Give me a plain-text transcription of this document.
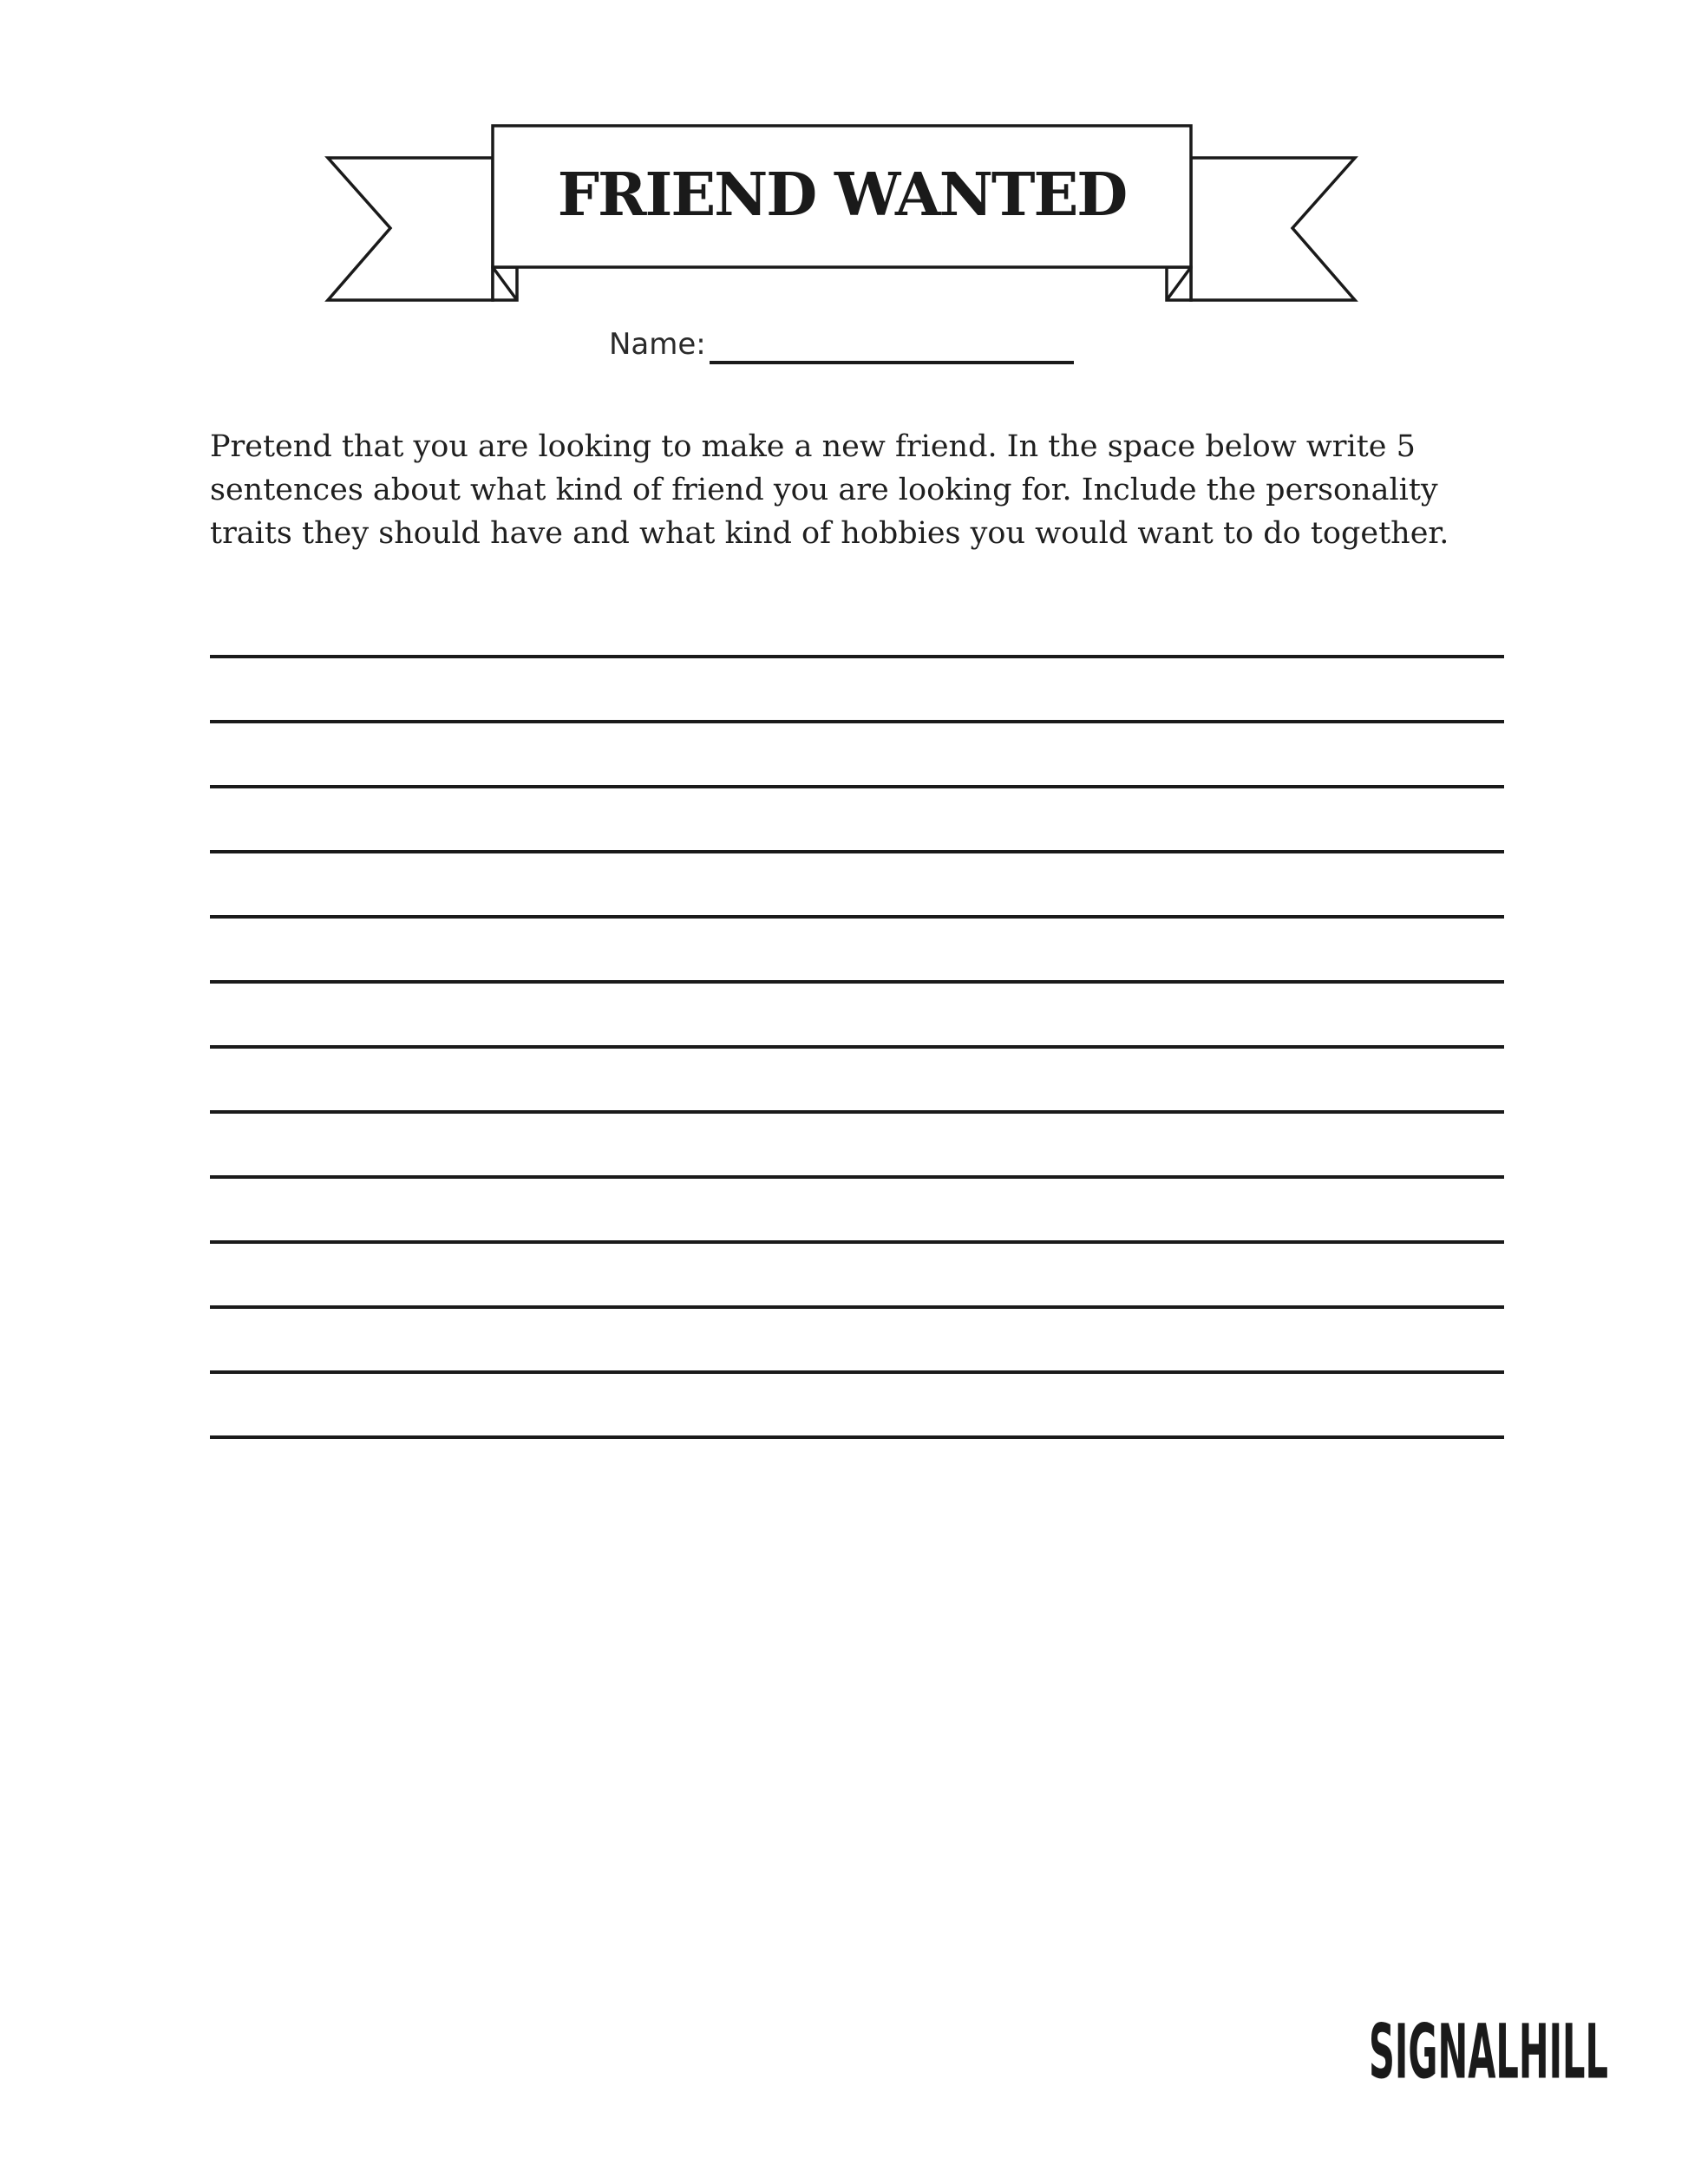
FRIEND WANTED
Name:

Pretend that you are looking to make a new friend. In the space below write 5 sentences about what kind of friend you are looking for. Include the personality traits they should have and what kind of hobbies you would want to do together.

SIGNALHILL
